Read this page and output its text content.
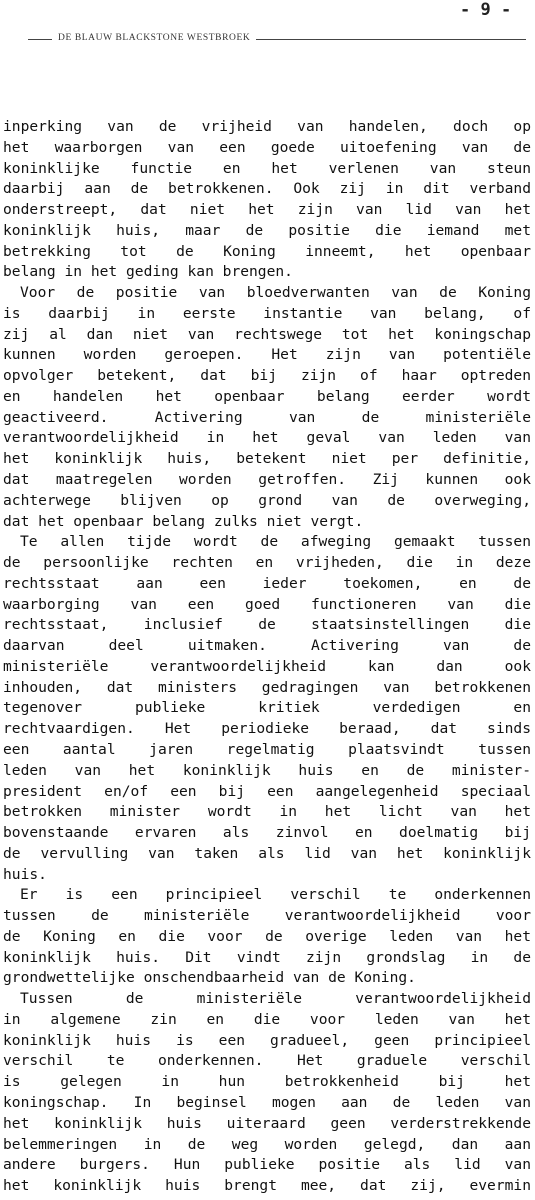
DE BLAUW BLACKSTONE WESTBROEK
- 9 -
inperking van de vrijheid van handelen, doch op
het waarborgen van een goede uitoefening van de
koninklijke functie en het verlenen van steun
daarbij aan de betrokkenen. Ook zij in dit verband
onderstreept, dat niet het zijn van lid van het
koninklijk huis, maar de positie die iemand met
betrekking tot de Koning inneemt, het openbaar
belang in het geding kan brengen.
Voor de positie van bloedverwanten van de Koning
is daarbij in eerste instantie van belang, of
zij al dan niet van rechtswege tot het koningschap
kunnen worden geroepen. Het zijn van potentiële
opvolger betekent, dat bij zijn of haar optreden
en handelen het openbaar belang eerder wordt
geactiveerd. Activering van de ministeriële
verantwoordelijkheid in het geval van leden van
het koninklijk huis, betekent niet per definitie,
dat maatregelen worden getroffen. Zij kunnen ook
achterwege blijven op grond van de overweging,
dat het openbaar belang zulks niet vergt.
Te allen tijde wordt de afweging gemaakt tussen
de persoonlijke rechten en vrijheden, die in deze
rechtsstaat aan een ieder toekomen, en de
waarborging van een goed functioneren van die
rechtsstaat, inclusief de staatsinstellingen die
daarvan deel uitmaken. Activering van de
ministeriële verantwoordelijkheid kan dan ook
inhouden, dat ministers gedragingen van betrokkenen
tegenover publieke kritiek verdedigen en
rechtvaardigen. Het periodieke beraad, dat sinds
een aantal jaren regelmatig plaatsvindt tussen
leden van het koninklijk huis en de minister-
president en/of een bij een aangelegenheid speciaal
betrokken minister wordt in het licht van het
bovenstaande ervaren als zinvol en doelmatig bij
de vervulling van taken als lid van het koninklijk
huis.
Er is een principieel verschil te onderkennen
tussen de ministeriële verantwoordelijkheid voor
de Koning en die voor de overige leden van het
koninklijk huis. Dit vindt zijn grondslag in de
grondwettelijke onschendbaarheid van de Koning.
Tussen de ministeriële verantwoordelijkheid
in algemene zin en die voor leden van het
koninklijk huis is een gradueel, geen principieel
verschil te onderkennen. Het graduele verschil
is gelegen in hun betrokkenheid bij het
koningschap. In beginsel mogen aan de leden van
het koninklijk huis uiteraard geen verderstrekkende
belemmeringen in de weg worden gelegd, dan aan
andere burgers. Hun publieke positie als lid van
het koninklijk huis brengt mee, dat zij, evermin
